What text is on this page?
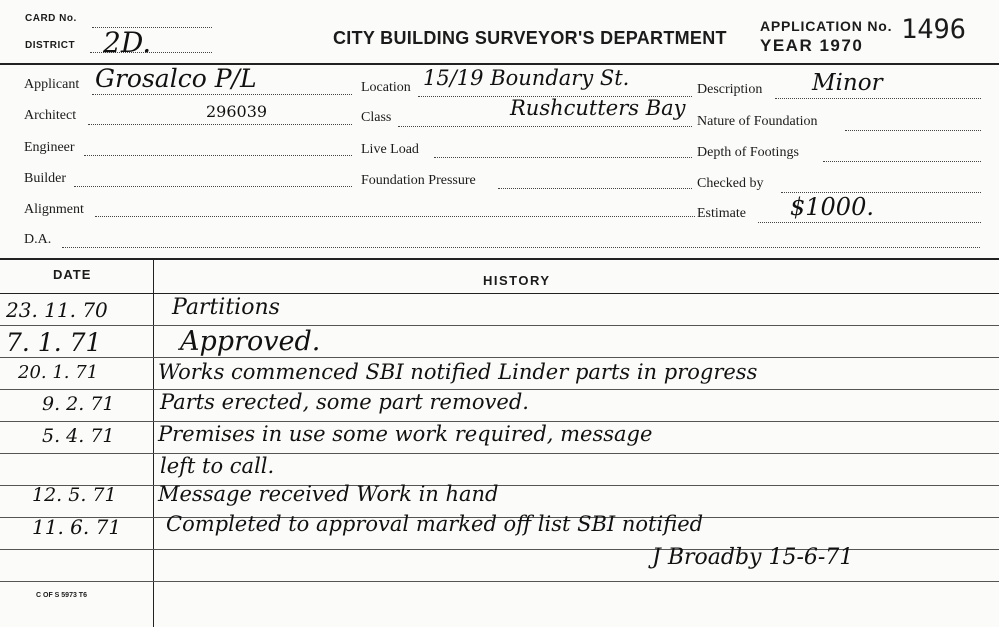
CARD No.
DISTRICT 2D.	CITY BUILDING SURVEYOR'S DEPARTMENT
APPLICATION No. 1496
YEAR 1970
Applicant Grosalco P/L
Architect	296039
Engineer
Builder
Alignment
D.A.
Location 15/19 Boundary St.
Class	Rushcutters Bay
Live Load
Foundation Pressure
Description Minor
Nature of Foundation
Depth of Footings
Checked by
Estimate $1000.
DATE	HISTORY
23. 11. 70	Partitions
7. 1. 71	Approved.
20. 1. 71	Works commenced SBI notified Linder parts in progress
9. 2. 71 Parts erected, some part removed.
5. 4. 71 Premises in use some work required, message
left to call.
12. 5. 71 Message received Work in hand
11. 6. 71 Completed to approval marked off list SBI notified
J Broadby 15-6-71
C OF S 5973 T6
